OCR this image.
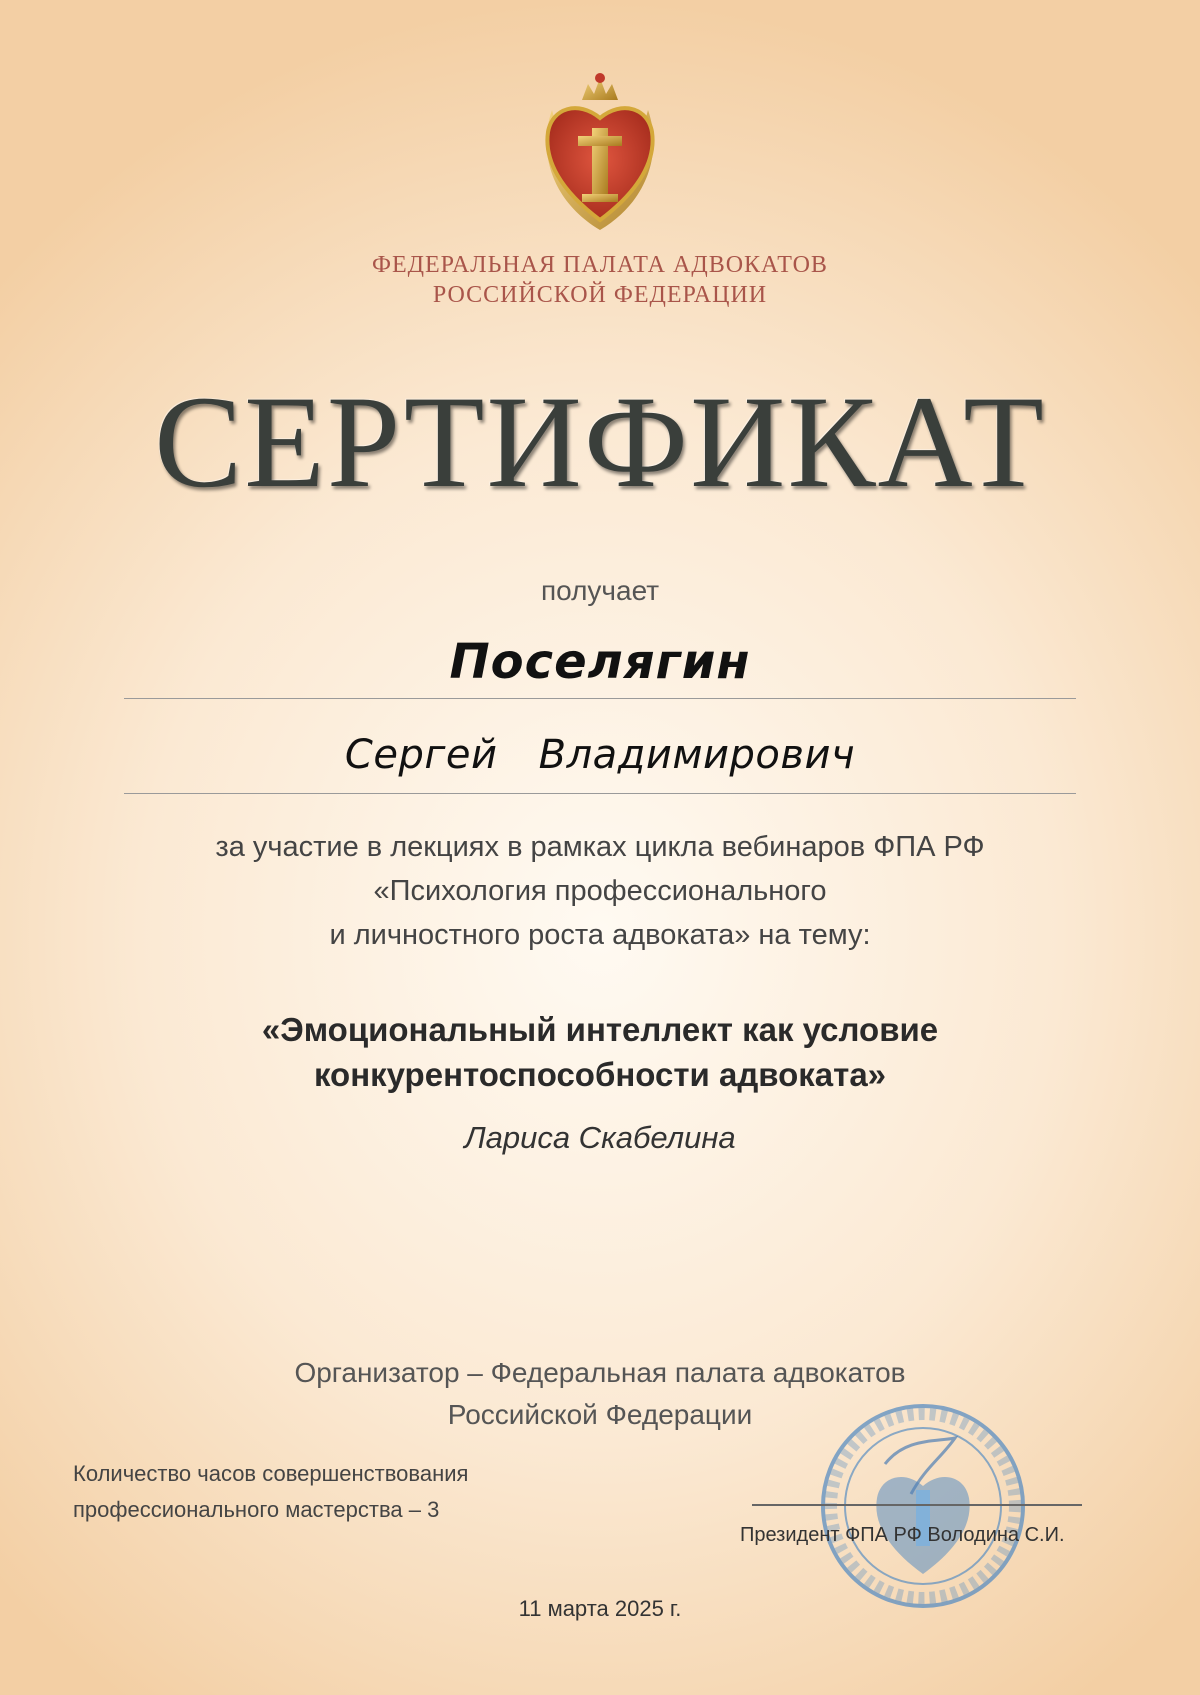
ФЕДЕРАЛЬНАЯ ПАЛАТА АДВОКАТОВ
РОССИЙСКОЙ ФЕДЕРАЦИИ
СЕРТИФИКАТ
получает
Поселягин
Сергей Владимирович
за участие в лекциях в рамках цикла вебинаров ФПА РФ
«Психология профессионального
и личностного роста адвоката» на тему:
«Эмоциональный интеллект как условие
конкурентоспособности адвоката»
Лариса Скабелина
Организатор – Федеральная палата адвокатов
Российской Федерации
Количество часов совершенствования
профессионального мастерства – 3
Президент ФПА РФ Володина С.И.
11 марта 2025 г.
